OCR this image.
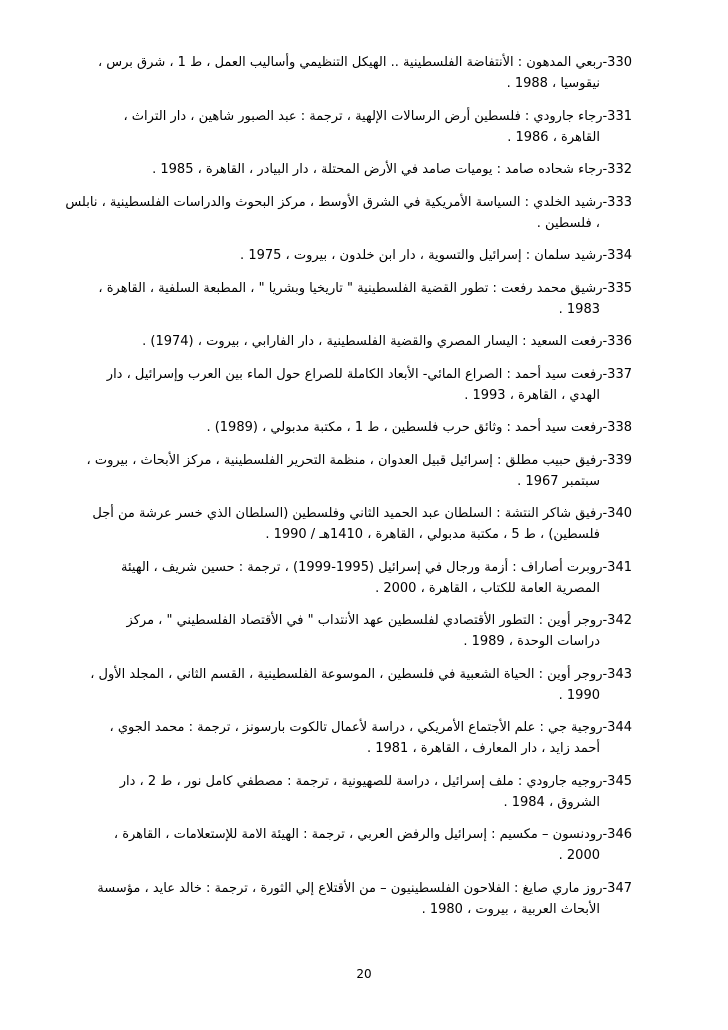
330-ربعي المدهون : الأنتفاضة الفلسطينية .. الهيكل التنظيمي وأساليب العمل ، ط 1 ، شرق برس ،
نيقوسيا ، 1988 .
331-رجاء جارودي : فلسطين أرض الرسالات الإلهية ، ترجمة : عبد الصبور شاهين ، دار التراث ،
القاهرة ، 1986 .
332-رجاء شحاده صامد : يوميات صامد في الأرض المحتلة ، دار البيادر ، القاهرة ، 1985 .
333-رشيد الخلدي : السياسة الأمريكية في الشرق الأوسط ، مركز البحوث والدراسات الفلسطينية ، نابلس
، فلسطين .
334-رشيد سلمان : إسرائيل والتسوية ، دار ابن خلدون ، بيروت ، 1975 .
335-رشيق محمد رفعت : تطور القضية الفلسطينية " تاريخيا وبشريا " ، المطبعة السلفية ، القاهرة ،
1983 .
336-رفعت السعيد : اليسار المصري والقضية الفلسطينية ، دار الفارابي ، بيروت ، (1974) .
337-رفعت سيد أحمد : الصراع المائي- الأبعاد الكاملة للصراع حول الماء بين العرب وإسرائيل ، دار
الهدي ، القاهرة ، 1993 .
338-رفعت سيد أحمد : وثائق حرب فلسطين ، ط 1 ، مكتبة مدبولي ، (1989) .
339-رفيق حبيب مطلق : إسرائيل قبيل العدوان ، منظمة التحرير الفلسطينية ، مركز الأبحاث ، بيروت ،
سبتمبر 1967 .
340-رفيق شاكر النتشة : السلطان عبد الحميد الثاني وفلسطين (السلطان الذي خسر عرشة من أجل
فلسطين) ، ط 5 ، مكتبة مدبولي ، القاهرة ، 1410هـ / 1990 .
341-روبرت أصاراف : أزمة ورجال في إسرائيل (1995-1999) ، ترجمة : حسين شريف ، الهيئة
المصرية العامة للكتاب ، القاهرة ، 2000 .
342-روجر أوين : التطور الأقتصادي لفلسطين عهد الأنتداب " في الأقتصاد الفلسطيني " ، مركز
دراسات الوحدة ، 1989 .
343-روجر أوين : الحياة الشعبية في فلسطين ، الموسوعة الفلسطينية ، القسم الثاني ، المجلد الأول ،
1990 .
344-روجية جي : علم الأجتماع الأمريكي ، دراسة لأعمال تالكوت بارسونز ، ترجمة : محمد الجوي ،
أحمد زايد ، دار المعارف ، القاهرة ، 1981 .
345-روجيه جارودي : ملف إسرائيل ، دراسة للصهيونية ، ترجمة : مصطفي كامل نور ، ط 2 ، دار
الشروق ، 1984 .
346-رودنسون – مكسيم : إسرائيل والرفض العربي ، ترجمة : الهيئة الامة للإستعلامات ، القاهرة ،
2000 .
347-روز ماري صايغ : الفلاحون الفلسطينيون – من الأقتلاع إلي الثورة ، ترجمة : خالد عايد ، مؤسسة
الأبحاث العربية ، بيروت ، 1980 .
20
